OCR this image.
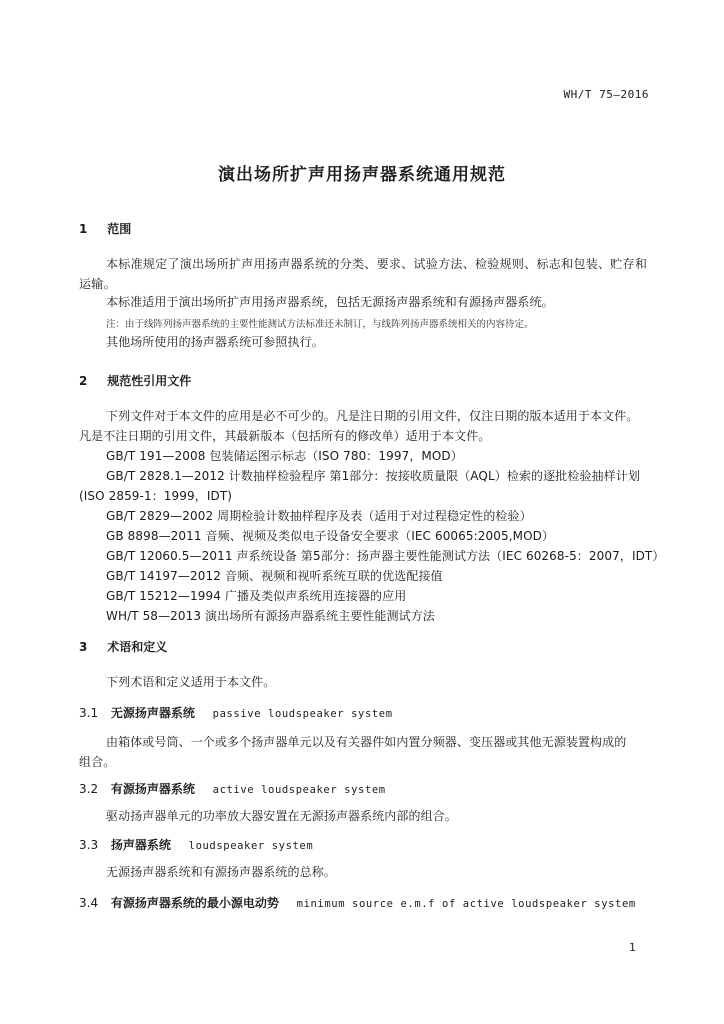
WH/T 75—2016
演出场所扩声用扬声器系统通用规范
1 范围
本标准规定了演出场所扩声用扬声器系统的分类、要求、试验方法、检验规则、标志和包装、贮存和运输。
本标准适用于演出场所扩声用扬声器系统，包括无源扬声器系统和有源扬声器系统。
注：由于线阵列扬声器系统的主要性能测试方法标准还未制订，与线阵列扬声器系统相关的内容待定。
其他场所使用的扬声器系统可参照执行。
2 规范性引用文件
下列文件对于本文件的应用是必不可少的。凡是注日期的引用文件，仅注日期的版本适用于本文件。
凡是不注日期的引用文件，其最新版本（包括所有的修改单）适用于本文件。
GB/T 191—2008 包装储运图示标志（ISO 780：1997，MOD）
GB/T 2828.1—2012 计数抽样检验程序 第1部分：按接收质量限（AQL）检索的逐批检验抽样计划
(ISO 2859-1：1999，IDT)
GB/T 2829—2002 周期检验计数抽样程序及表（适用于对过程稳定性的检验）
GB 8898—2011 音频、视频及类似电子设备安全要求（IEC 60065:2005,MOD）
GB/T 12060.5—2011 声系统设备 第5部分：扬声器主要性能测试方法（IEC 60268-5：2007，IDT）
GB/T 14197—2012 音频、视频和视听系统互联的优选配接值
GB/T 15212—1994 广播及类似声系统用连接器的应用
WH/T 58—2013 演出场所有源扬声器系统主要性能测试方法
3 术语和定义
下列术语和定义适用于本文件。
3.1 无源扬声器系统 passive loudspeaker system
由箱体或号筒、一个或多个扬声器单元以及有关器件如内置分频器、变压器或其他无源装置构成的
组合。
3.2 有源扬声器系统 active loudspeaker system
驱动扬声器单元的功率放大器安置在无源扬声器系统内部的组合。
3.3 扬声器系统 loudspeaker system
无源扬声器系统和有源扬声器系统的总称。
3.4 有源扬声器系统的最小源电动势 minimum source e.m.f of active loudspeaker system
1
